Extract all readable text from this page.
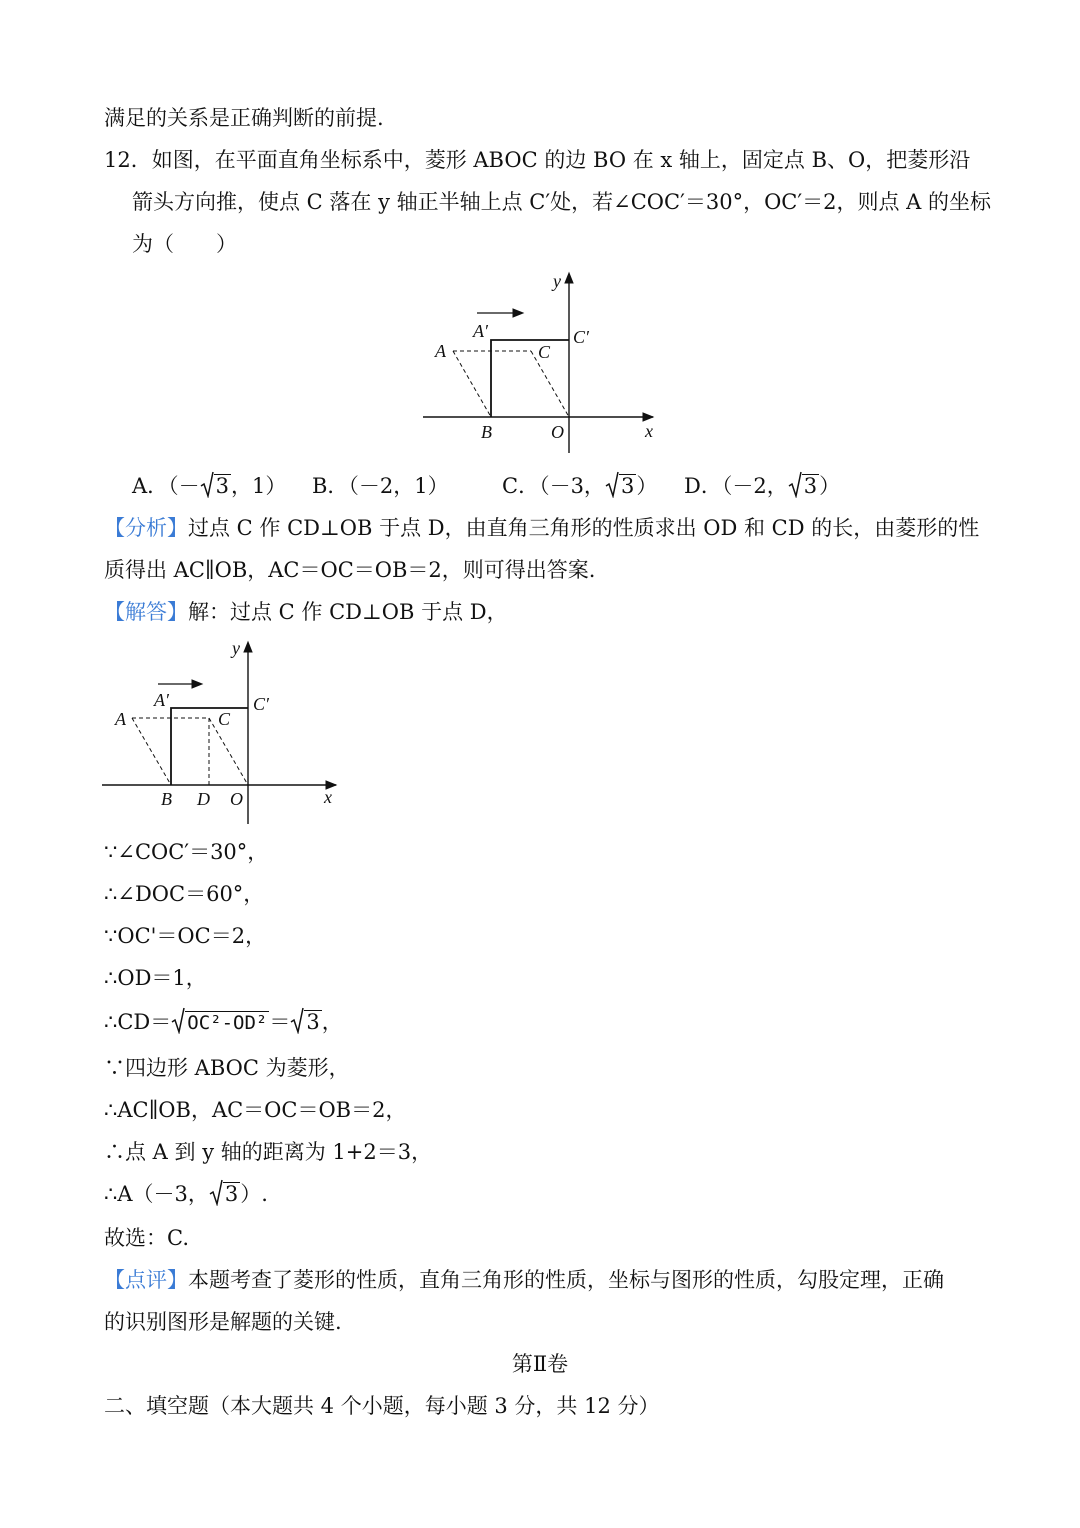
满足的关系是正确判断的前提.
12．如图，在平面直角坐标系中，菱形 ABOC 的边 BO 在 x 轴上，固定点 B、O，把菱形沿
箭头方向推，使点 C 落在 y 轴正半轴上点 C′处，若∠COC′＝30°，OC′＝2，则点 A 的坐标
为（　　）
y
x
A′	C′
A	C
B	O
A．（－ 3，1） B．（－2，1）	C．（－3， 3） D．（－2， 3）
【分析】过点 C 作 CD⊥OB 于点 D，由直角三角形的性质求出 OD 和 CD 的长，由菱形的性
质得出 AC∥OB，AC＝OC＝OB＝2，则可得出答案.
【解答】解：过点 C 作 CD⊥OB 于点 D，
y
x
A′	C′
A	C
B D O
∵∠COC′＝30°，
∴∠DOC＝60°，
∵OC'＝OC＝2，
∴OD＝1，
∴CD＝ OC²-OD²＝ 3，
∵四边形 ABOC 为菱形，
∴AC∥OB，AC＝OC＝OB＝2，
∴点 A 到 y 轴的距离为 1+2＝3，
∴A（－3， 3）.
故选：C.
【点评】本题考查了菱形的性质，直角三角形的性质，坐标与图形的性质，勾股定理，正确
的识别图形是解题的关键.
第Ⅱ卷
二、填空题（本大题共 4 个小题，每小题 3 分，共 12 分）
